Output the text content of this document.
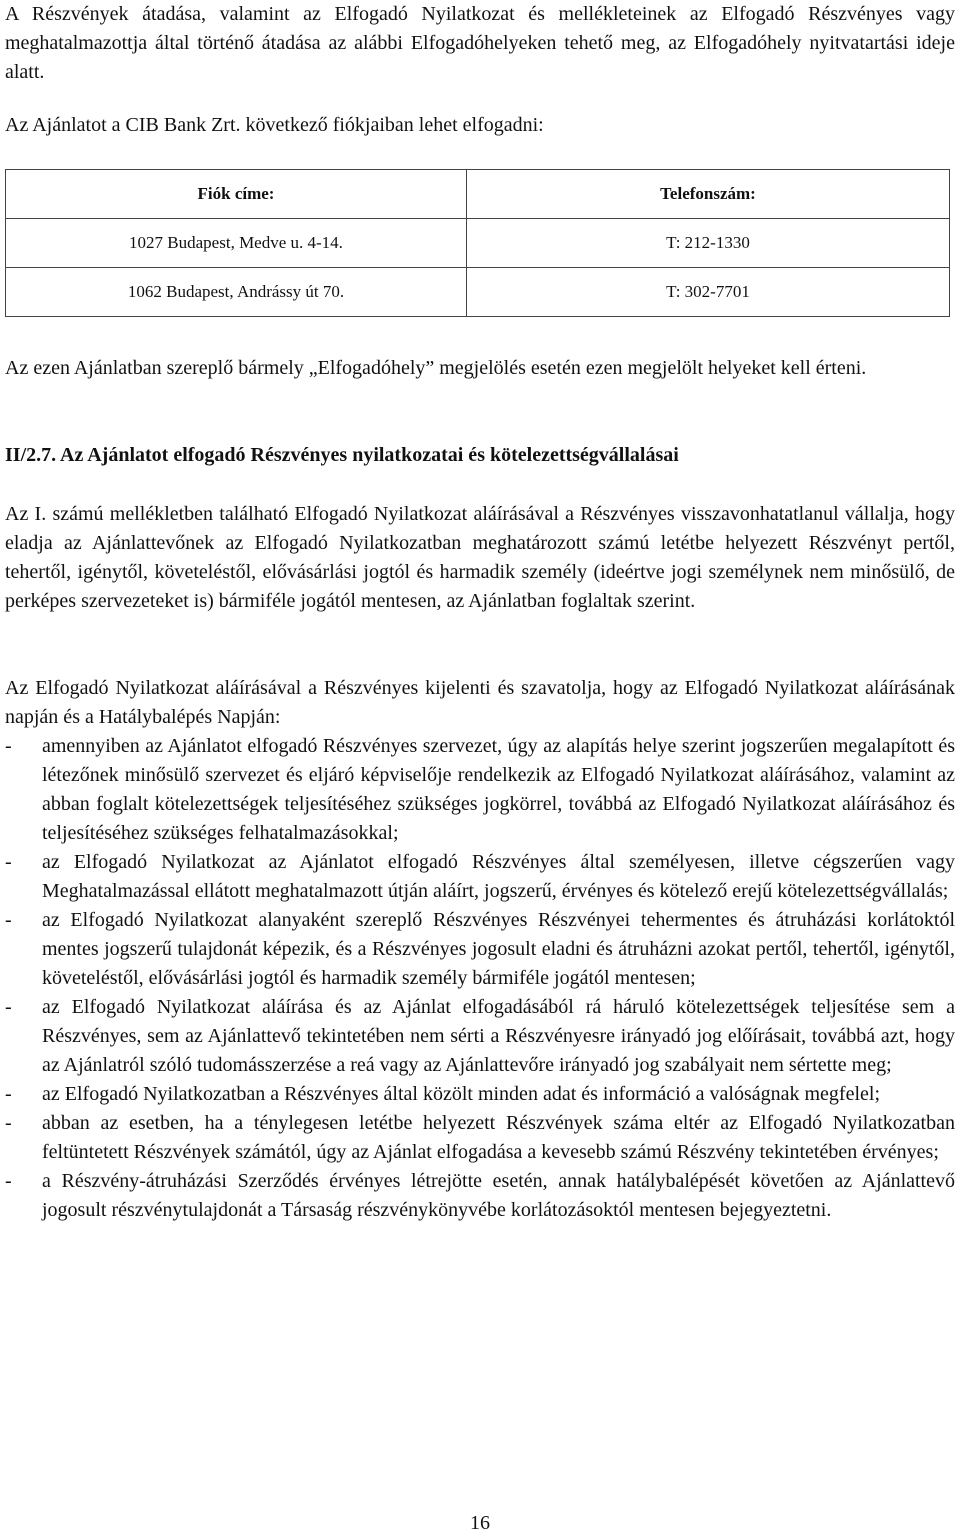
A Részvények átadása, valamint az Elfogadó Nyilatkozat és mellékleteinek az Elfogadó Részvényes vagy meghatalmazottja által történő átadása az alábbi Elfogadóhelyeken tehető meg, az Elfogadóhely nyitvatartási ideje alatt.

Az Ajánlatot a CIB Bank Zrt. következő fiókjaiban lehet elfogadni:

Fiók címe:	Telefonszám:
1027 Budapest, Medve u. 4-14.	T: 212-1330
1062 Budapest, Andrássy út 70.	T: 302-7701

Az ezen Ajánlatban szereplő bármely „Elfogadóhely” megjelölés esetén ezen megjelölt helyeket kell érteni.

II/2.7. Az Ajánlatot elfogadó Részvényes nyilatkozatai és kötelezettségvállalásai

Az I. számú mellékletben található Elfogadó Nyilatkozat aláírásával a Részvényes visszavonhatatlanul vállalja, hogy eladja az Ajánlattevőnek az Elfogadó Nyilatkozatban meghatározott számú letétbe helyezett Részvényt pertől, tehertől, igénytől, követeléstől, elővásárlási jogtól és harmadik személy (ideértve jogi személynek nem minősülő, de perképes szervezeteket is) bármiféle jogától mentesen, az Ajánlatban foglaltak szerint.

Az Elfogadó Nyilatkozat aláírásával a Részvényes kijelenti és szavatolja, hogy az Elfogadó Nyilatkozat aláírásának napján és a Hatálybalépés Napján:

- amennyiben az Ajánlatot elfogadó Részvényes szervezet, úgy az alapítás helye szerint jogszerűen megalapított és létezőnek minősülő szervezet és eljáró képviselője rendelkezik az Elfogadó Nyilatkozat aláírásához, valamint az abban foglalt kötelezettségek teljesítéséhez szükséges jogkörrel, továbbá az Elfogadó Nyilatkozat aláírásához és teljesítéséhez szükséges felhatalmazásokkal;
- az Elfogadó Nyilatkozat az Ajánlatot elfogadó Részvényes által személyesen, illetve cégszerűen vagy Meghatalmazással ellátott meghatalmazott útján aláírt, jogszerű, érvényes és kötelező erejű kötelezettségvállalás;
- az Elfogadó Nyilatkozat alanyaként szereplő Részvényes Részvényei tehermentes és átruházási korlátoktól mentes jogszerű tulajdonát képezik, és a Részvényes jogosult eladni és átruházni azokat pertől, tehertől, igénytől, követeléstől, elővásárlási jogtól és harmadik személy bármiféle jogától mentesen;
- az Elfogadó Nyilatkozat aláírása és az Ajánlat elfogadásából rá háruló kötelezettségek teljesítése sem a Részvényes, sem az Ajánlattevő tekintetében nem sérti a Részvényesre irányadó jog előírásait, továbbá azt, hogy az Ajánlatról szóló tudomásszerzése a reá vagy az Ajánlattevőre irányadó jog szabályait nem sértette meg;
- az Elfogadó Nyilatkozatban a Részvényes által közölt minden adat és információ a valóságnak megfelel;
- abban az esetben, ha a ténylegesen letétbe helyezett Részvények száma eltér az Elfogadó Nyilatkozatban feltüntetett Részvények számától, úgy az Ajánlat elfogadása a kevesebb számú Részvény tekintetében érvényes;
- a Részvény-átruházási Szerződés érvényes létrejötte esetén, annak hatálybalépését követően az Ajánlattevő jogosult részvénytulajdonát a Társaság részvénykönyvébe korlátozásoktól mentesen bejegyeztetni.
16
